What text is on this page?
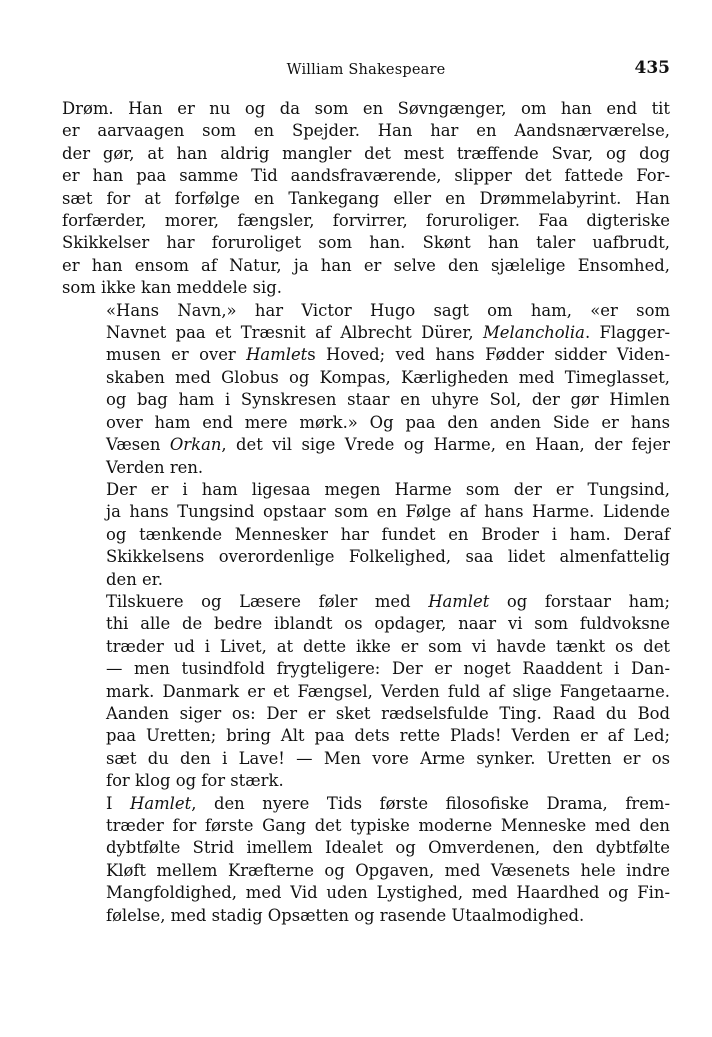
William Shakespeare	435

Drøm. Han er nu og da som en Søvngænger, om han end tit
er aarvaagen som en Spejder. Han har en Aandsnærværelse,
der gør, at han aldrig mangler det mest træffende Svar, og dog
er han paa samme Tid aandsfraværende, slipper det fattede For-
sæt for at forfølge en Tankegang eller en Drømmelabyrint. Han
forfærder, morer, fængsler, forvirrer, foruroliger. Faa digteriske
Skikkelser har foruroliget som han. Skønt han taler uafbrudt,
er han ensom af Natur, ja han er selve den sjælelige Ensomhed,
som ikke kan meddele sig.

«Hans Navn,» har Victor Hugo sagt om ham, «er som
Navnet paa et Træsnit af Albrecht Dürer, Melancholia. Flagger-
musen er over Hamlets Hoved; ved hans Fødder sidder Viden-
skaben med Globus og Kompas, Kærligheden med Timeglasset,
og bag ham i Synskresen staar en uhyre Sol, der gør Himlen
over ham end mere mørk.» Og paa den anden Side er hans
Væsen Orkan, det vil sige Vrede og Harme, en Haan, der fejer
Verden ren.

Der er i ham ligesaa megen Harme som der er Tungsind,
ja hans Tungsind opstaar som en Følge af hans Harme. Lidende
og tænkende Mennesker har fundet en Broder i ham. Deraf
Skikkelsens overordenlige Folkelighed, saa lidet almenfattelig
den er.

Tilskuere og Læsere føler med Hamlet og forstaar ham;
thi alle de bedre iblandt os opdager, naar vi som fuldvoksne
træder ud i Livet, at dette ikke er som vi havde tænkt os det
— men tusindfold frygteligere: Der er noget Raaddent i Dan-
mark. Danmark er et Fængsel, Verden fuld af slige Fangetaarne.
Aanden siger os: Der er sket rædselsfulde Ting. Raad du Bod
paa Uretten; bring Alt paa dets rette Plads! Verden er af Led;
sæt du den i Lave! — Men vore Arme synker. Uretten er os
for klog og for stærk.

I Hamlet, den nyere Tids første filosofiske Drama, frem-
træder for første Gang det typiske moderne Menneske med den
dybtfølte Strid imellem Idealet og Omverdenen, den dybtfølte
Kløft mellem Kræfterne og Opgaven, med Væsenets hele indre
Mangfoldighed, med Vid uden Lystighed, med Haardhed og Fin-
følelse, med stadig Opsætten og rasende Utaalmodighed.
